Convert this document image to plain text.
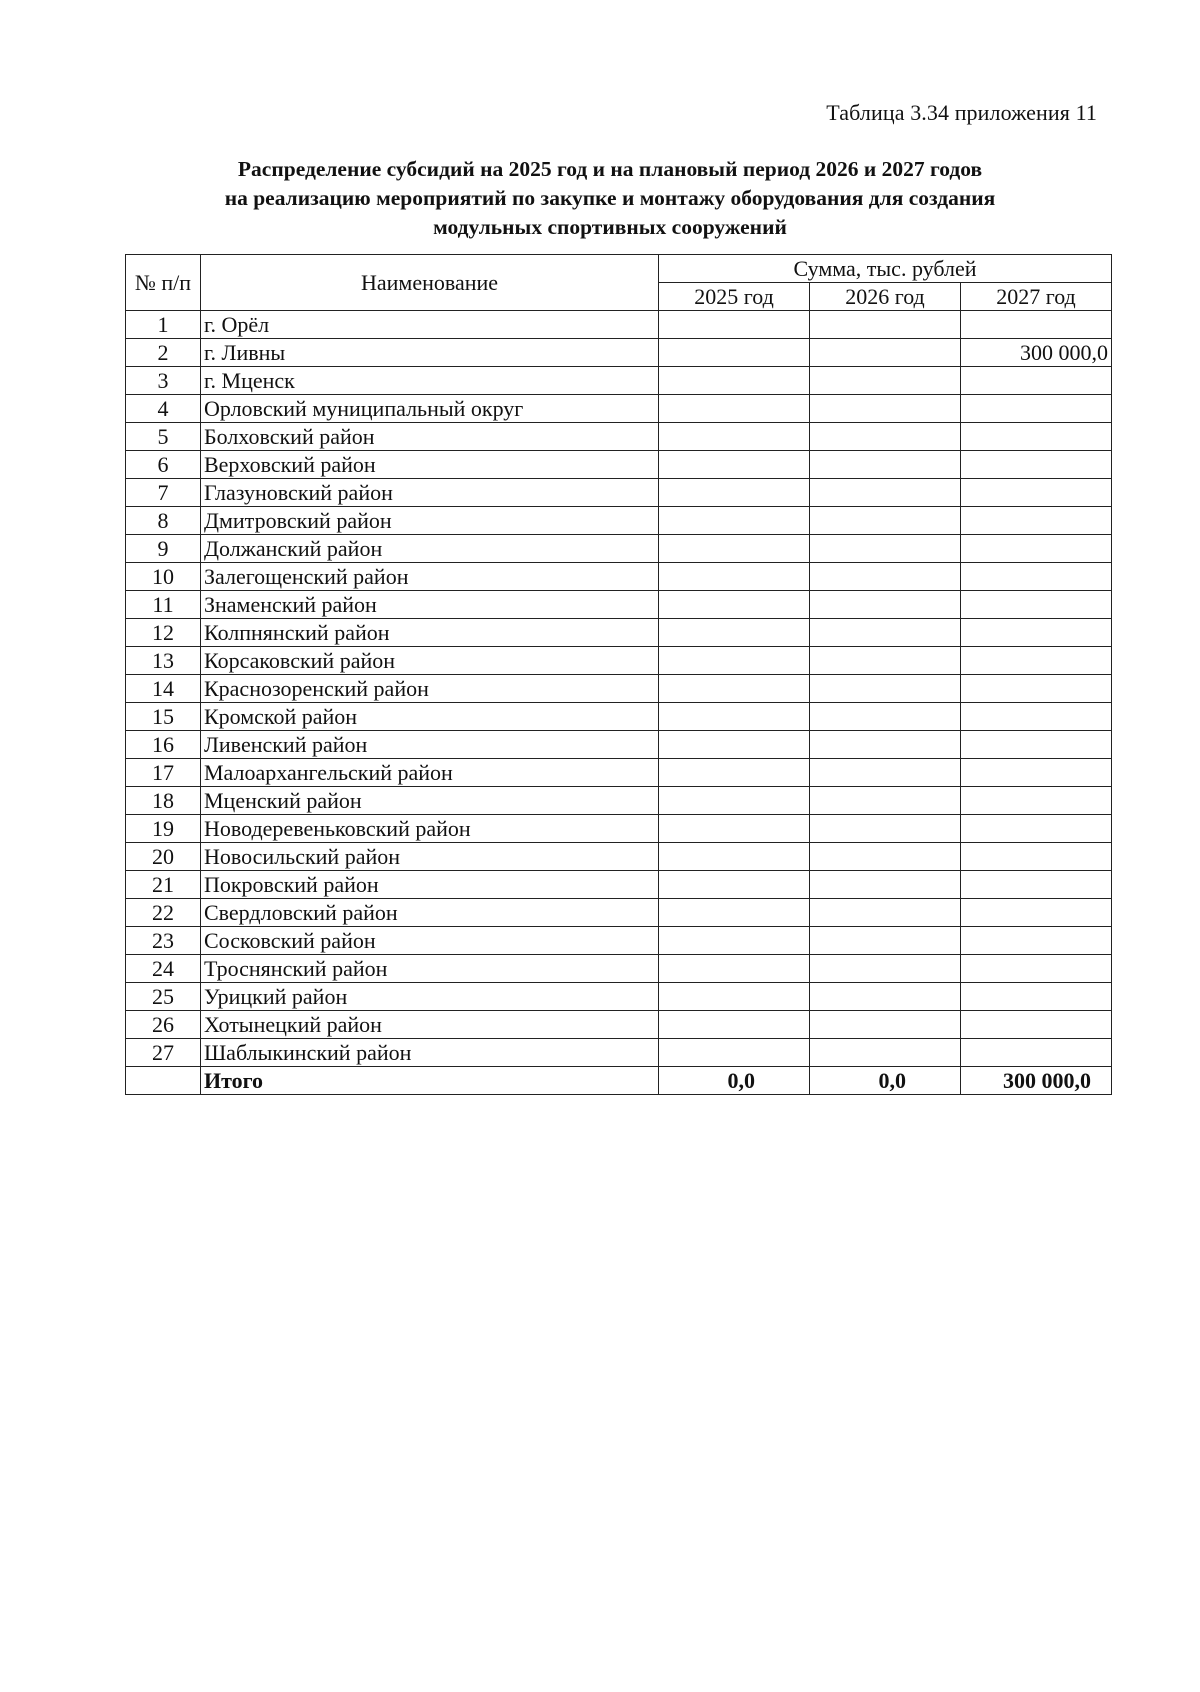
Таблица 3.34 приложения 11
Распределение субсидий на 2025 год и на плановый период 2026 и 2027 годов
на реализацию мероприятий по закупке и монтажу оборудования для создания
модульных спортивных сооружений
№ п/п	Наименование	Сумма, тыс. рублей		
		2025 год	2026 год	2027 год
1	г. Орёл			
2	г. Ливны			300 000,0
3	г. Мценск			
4	Орловский муниципальный округ			
5	Болховский район			
6	Верховский район			
7	Глазуновский район			
8	Дмитровский район			
9	Должанский район			
10	Залегощенский район			
11	Знаменский район			
12	Колпнянский район			
13	Корсаковский район			
14	Краснозоренский район			
15	Кромской район			
16	Ливенский район			
17	Малоархангельский район			
18	Мценский район			
19	Новодеревеньковский район			
20	Новосильский район			
21	Покровский район			
22	Свердловский район			
23	Сосковский район			
24	Троснянский район			
25	Урицкий район			
26	Хотынецкий район			
27	Шаблыкинский район			
	Итого	0,0	0,0	300 000,0
